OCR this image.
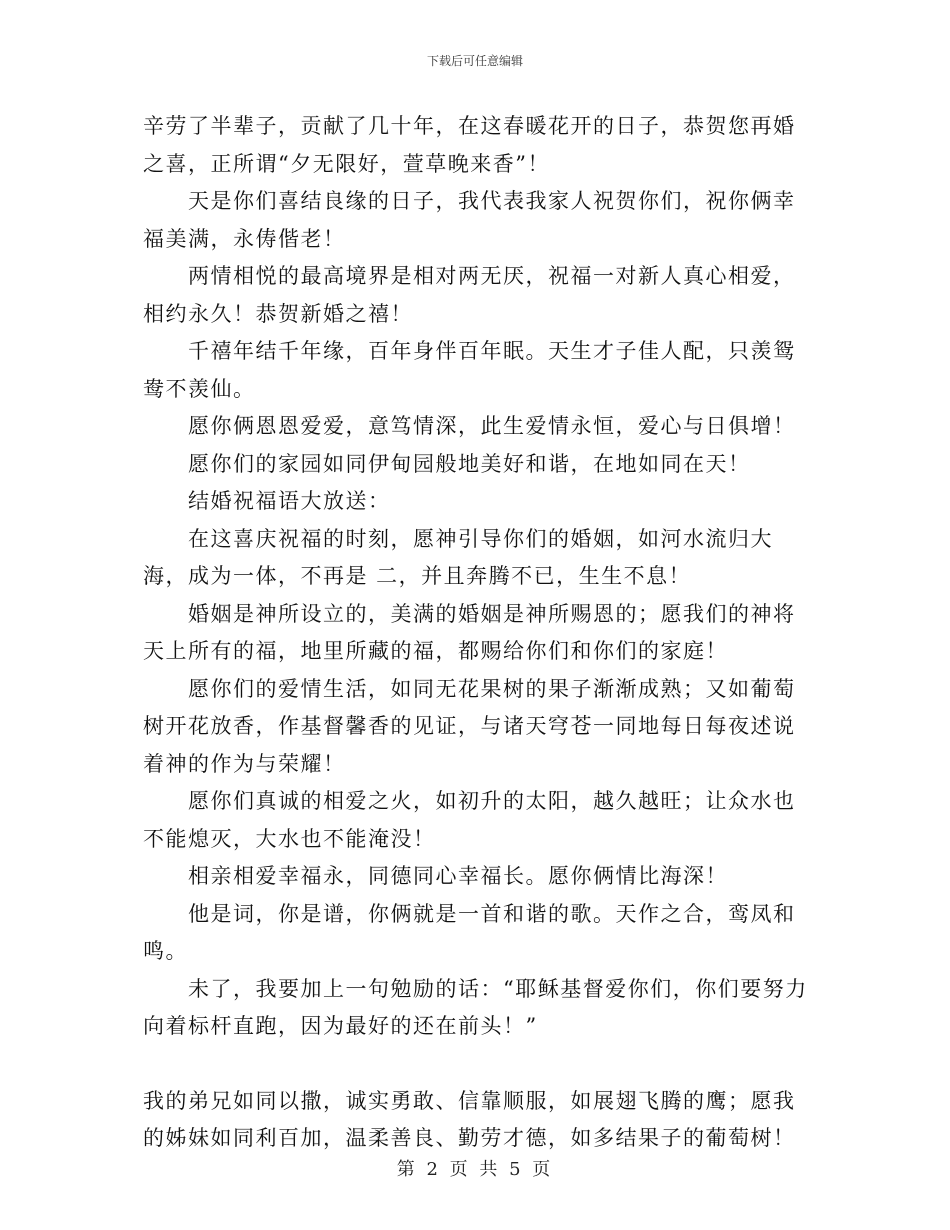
下载后可任意编辑

辛劳了半辈子，贡献了几十年，在这春暖花开的日子，恭贺您再婚之喜，正所谓“夕无限好，萱草晚来香”！

天是你们喜结良缘的日子，我代表我家人祝贺你们，祝你俩幸福美满，永俦偕老！

两情相悦的最高境界是相对两无厌，祝福一对新人真心相爱，相约永久！恭贺新婚之禧！

千禧年结千年缘，百年身伴百年眠。天生才子佳人配，只羡鸳鸯不羡仙。

愿你俩恩恩爱爱，意笃情深，此生爱情永恒，爱心与日俱增！

愿你们的家园如同伊甸园般地美好和谐，在地如同在天！

结婚祝福语大放送：

在这喜庆祝福的时刻，愿神引导你们的婚姻，如河水流归大海，成为一体，不再是 二，并且奔腾不已，生生不息！

婚姻是神所设立的，美满的婚姻是神所赐恩的；愿我们的神将天上所有的福，地里所藏的福，都赐给你们和你们的家庭！

愿你们的爱情生活，如同无花果树的果子渐渐成熟；又如葡萄树开花放香，作基督馨香的见证，与诸天穹苍一同地每日每夜述说着神的作为与荣耀！

愿你们真诚的相爱之火，如初升的太阳，越久越旺；让众水也不能熄灭，大水也不能淹没！

相亲相爱幸福永，同德同心幸福长。愿你俩情比海深！

他是词，你是谱，你俩就是一首和谐的歌。天作之合，鸾凤和鸣。

未了，我要加上一句勉励的话：“耶稣基督爱你们，你们要努力向着标杆直跑，因为最好的还在前头！”

我的弟兄如同以撒，诚实勇敢、信靠顺服，如展翅飞腾的鹰；愿我的姊妹如同利百加，温柔善良、勤劳才德，如多结果子的葡萄树！

第 2 页 共 5 页
